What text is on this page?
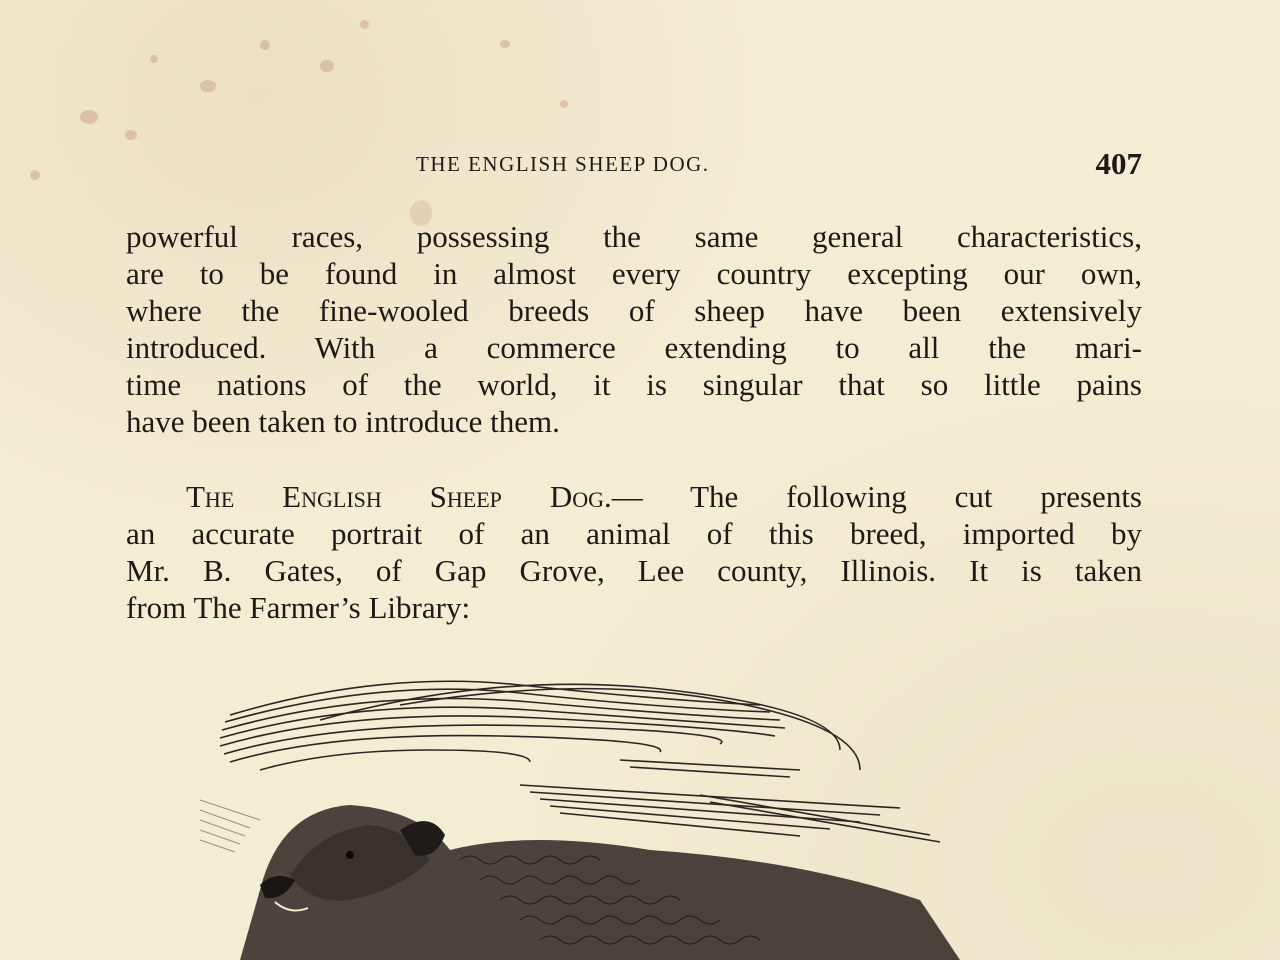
THE ENGLISH SHEEP DOG.	407
powerful races, possessing the same general characteristics,
are to be found in almost every country excepting our own,
where the fine-wooled breeds of sheep have been extensively
introduced. With a commerce extending to all the mari-
time nations of the world, it is singular that so little pains
have been taken to introduce them.
The English Sheep Dog.— The following cut presents
an accurate portrait of an animal of this breed, imported by
Mr. B. Gates, of Gap Grove, Lee county, Illinois. It is taken
from The Farmer’s Library:
